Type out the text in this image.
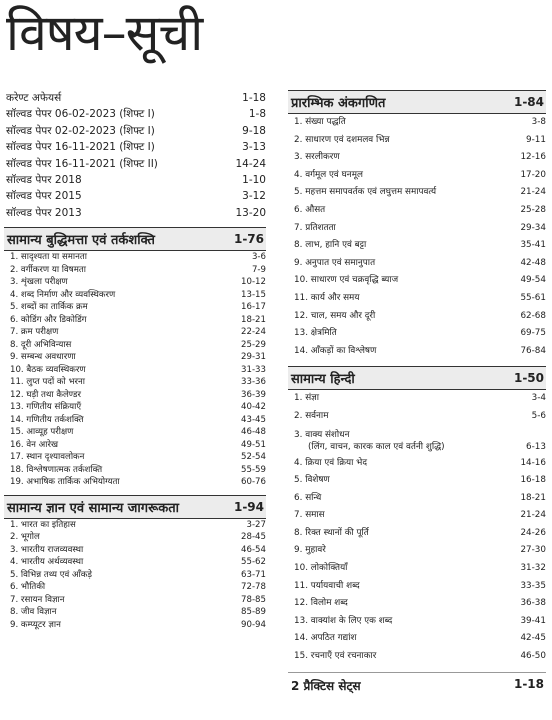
विषय–सूची
करेण्ट अफेयर्स	1-18
सॉल्वड पेपर 06-02-2023 (शिफ्ट I)	1-8
सॉल्वड पेपर 02-02-2023 (शिफ्ट I)	9-18
सॉल्वड पेपर 16-11-2021 (शिफ्ट I)	3-13
सॉल्वड पेपर 16-11-2021 (शिफ्ट II)	14-24
सॉल्वड पेपर 2018	1-10
सॉल्वड पेपर 2015	3-12
सॉल्वड पेपर 2013	13-20
सामान्य बुद्धिमत्ता एवं तर्कशक्ति	1-76
1. सादृश्यता या समानता	3-6
2. वर्गीकरण या विषमता	7-9
3. शृंखला परीक्षण	10-12
4. शब्द निर्माण और व्यवस्थिकरण	13-15
5. शब्दों का तार्किक क्रम	16-17
6. कोडिंग और डिकोडिंग	18-21
7. क्रम परीक्षण	22-24
8. दूरी अभिविन्यास	25-29
9. सम्बन्ध अवधारणा	29-31
10. बैठक व्यवस्थिकरण	31-33
11. लुप्त पदों को भरना	33-36
12. घड़ी तथा कैलेण्डर	36-39
13. गणितीय संक्रियाएँ	40-42
14. गणितीय तर्कशक्ति	43-45
15. आव्यूह परीक्षण	46-48
16. वेन आरेख	49-51
17. स्थान दृश्यावलोकन	52-54
18. विश्लेषणात्मक तर्कशक्ति	55-59
19. अभाषिक तार्किक अभियोग्यता	60-76
सामान्य ज्ञान एवं सामान्य जागरूकता	1-94
1. भारत का इतिहास	3-27
2. भूगोल	28-45
3. भारतीय राजव्यवस्था	46-54
4. भारतीय अर्थव्यवस्था	55-62
5. विभिन्न तथ्य एवं आँकड़े	63-71
6. भौतिकी	72-78
7. रसायन विज्ञान	78-85
8. जीव विज्ञान	85-89
9. कम्प्यूटर ज्ञान	90-94
प्रारम्भिक अंकगणित	1-84
1. संख्या पद्धति	3-8
2. साधारण एवं दशमलव भिन्न	9-11
3. सरलीकरण	12-16
4. वर्गमूल एवं घनमूल	17-20
5. महत्तम समापवर्तक एवं लघुत्तम समापवर्त्य	21-24
6. औसत	25-28
7. प्रतिशतता	29-34
8. लाभ, हानि एवं बट्टा	35-41
9. अनुपात एवं समानुपात	42-48
10. साधारण एवं चक्रवृद्धि ब्याज	49-54
11. कार्य और समय	55-61
12. चाल, समय और दूरी	62-68
13. क्षेत्रमिति	69-75
14. आँकड़ों का विश्लेषण	76-84
सामान्य हिन्दी	1-50
1. संज्ञा	3-4
2. सर्वनाम	5-6
3. वाक्य संशोधन
(लिंग, वाचन, कारक काल एवं वर्तनी शुद्धि)	6-13
4. क्रिया एवं क्रिया भेद	14-16
5. विशेषण	16-18
6. सन्धि	18-21
7. समास	21-24
8. रिक्त स्थानों की पूर्ति	24-26
9. मुहावरे	27-30
10. लोकोक्तियाँ	31-32
11. पर्यायवाची शब्द	33-35
12. विलोम शब्द	36-38
13. वाक्यांश के लिए एक शब्द	39-41
14. अपठित गद्यांश	42-45
15. रचनाएँ एवं रचनाकार	46-50
2 प्रैक्टिस सेट्स	1-18
